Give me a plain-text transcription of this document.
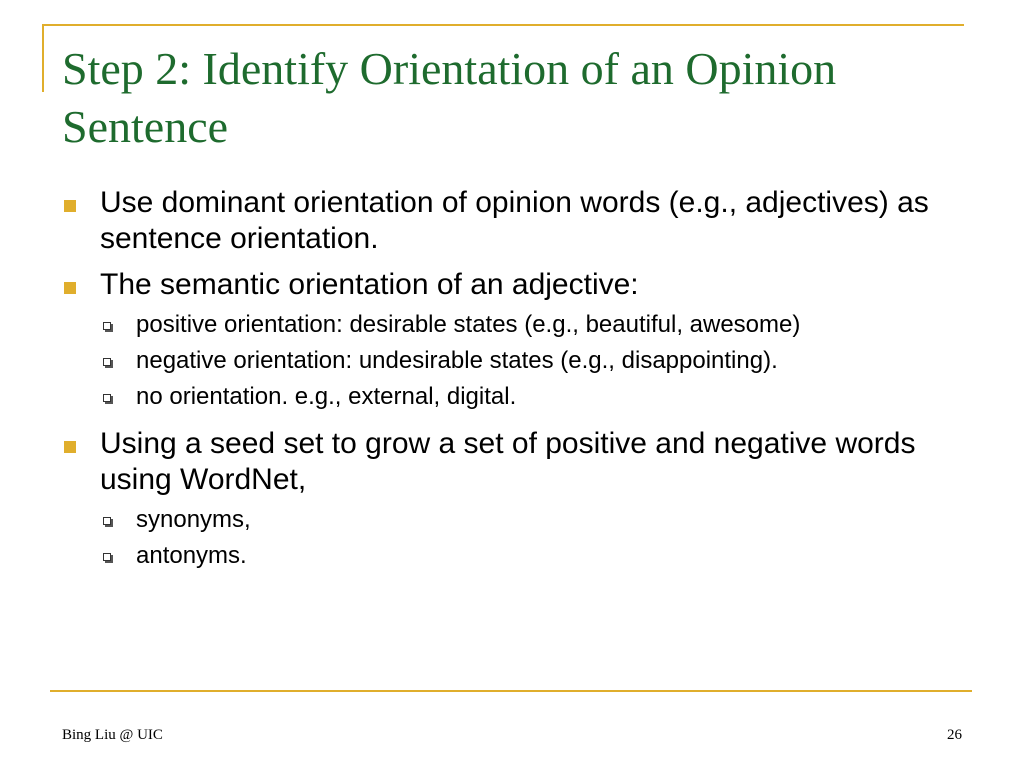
Step 2: Identify Orientation of an Opinion Sentence
Use dominant orientation of opinion words (e.g., adjectives) as sentence orientation.
The semantic orientation of an adjective:
positive orientation: desirable states (e.g., beautiful, awesome)
negative orientation: undesirable states (e.g., disappointing).
no orientation. e.g., external, digital.
Using a seed set to grow a set of positive and negative words using WordNet,
synonyms,
antonyms.
Bing Liu @ UIC	26
